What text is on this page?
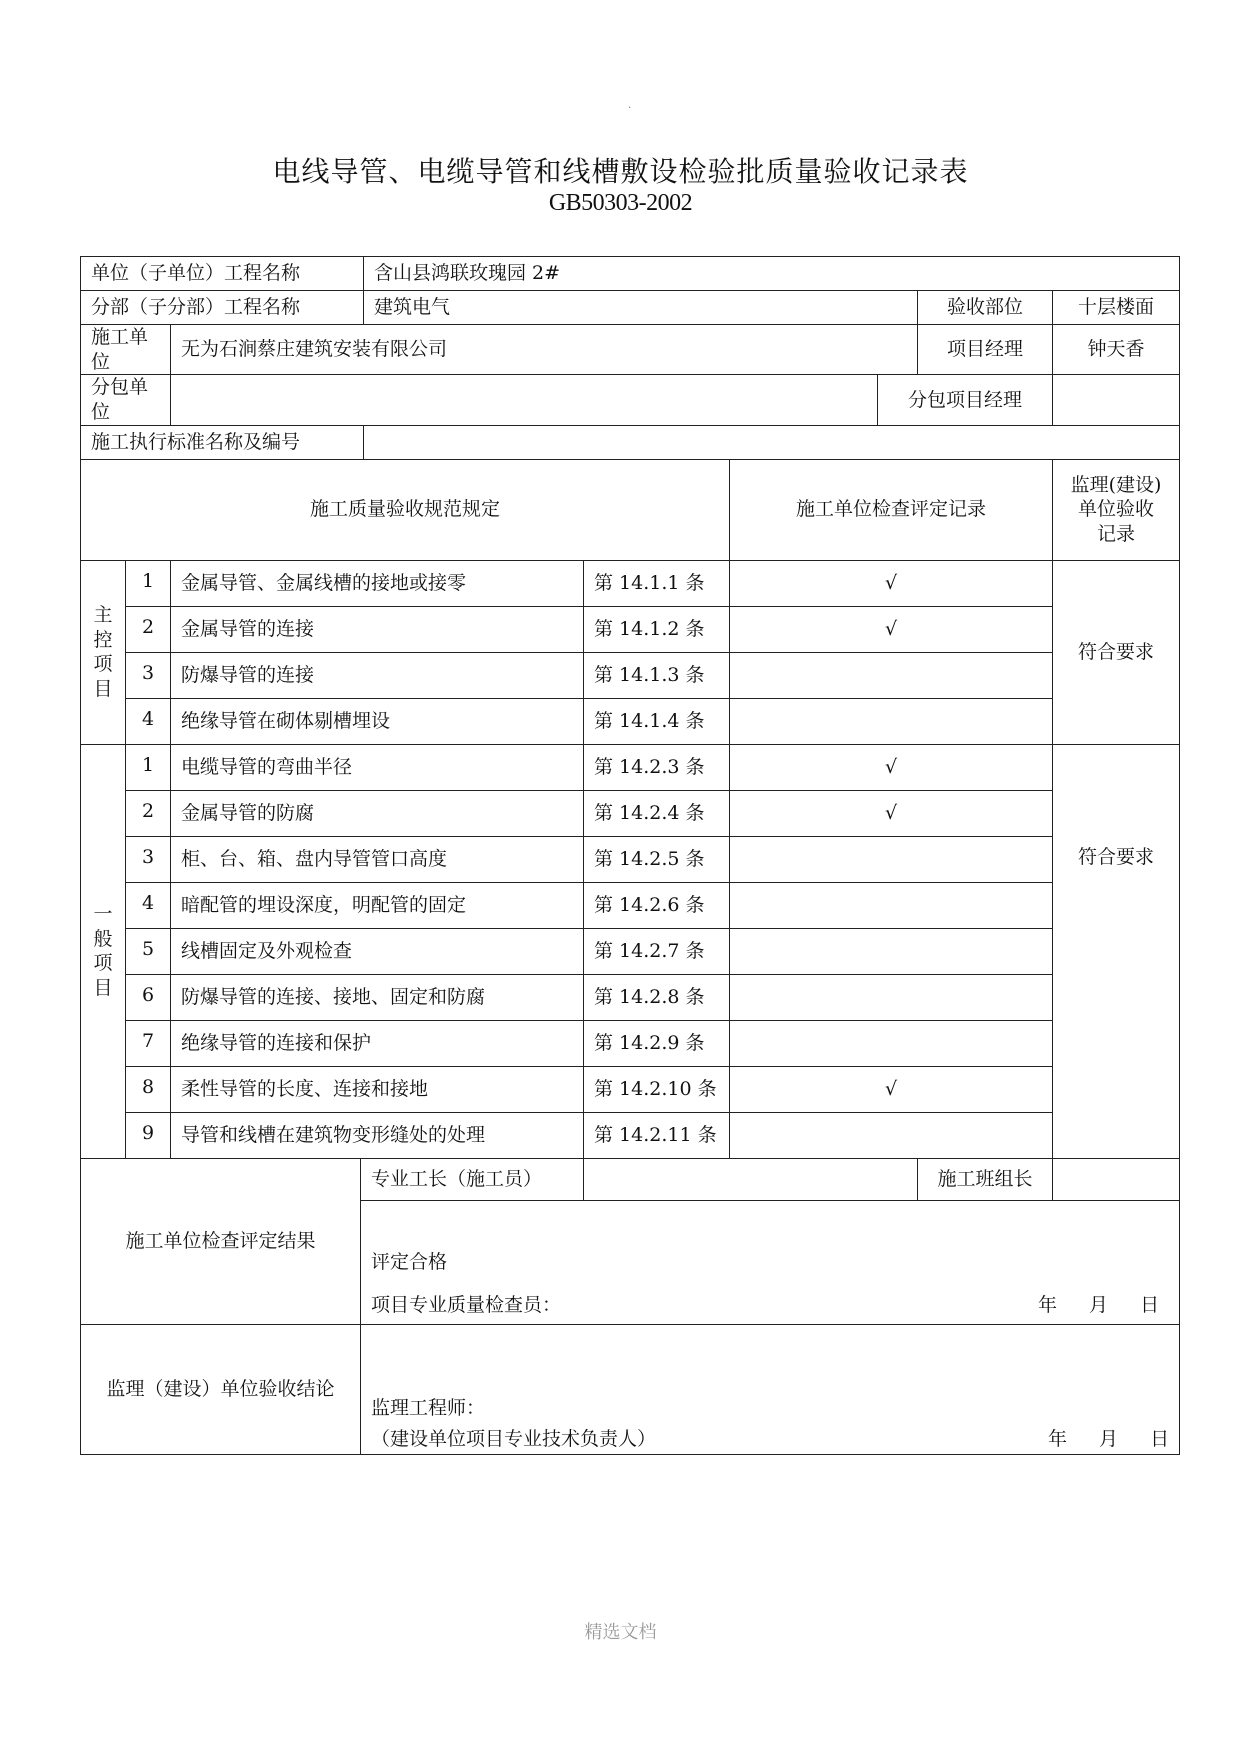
.
电线导管、电缆导管和线槽敷设检验批质量验收记录表
GB50303-2002
单位（子单位）工程名称				含山县鸿联玫瑰园 2#					
分部（子分部）工程名称				建筑电气				验收部位	十层楼面
施工单位		无为石涧蔡庄建筑安装有限公司						项目经理	钟天香
分包单位							分包项目经理		
施工执行标准名称及编号									
施工质量验收规范规定						施工单位检查评定记录			监理(建设)
单位验收
记录

主
控
项
目	1	金属导管、金属线槽的接地或接零			第 14.1.1 条	√			符合要求
	2	金属导管的连接			第 14.1.2 条	√			
	3	防爆导管的连接			第 14.1.3 条				
	4	绝缘导管在砌体剔槽埋设			第 14.1.4 条				

一
般
项
目	1	电缆导管的弯曲半径			第 14.2.3 条	√			符合要求
	2	金属导管的防腐			第 14.2.4 条	√			
	3	柜、台、箱、盘内导管管口高度			第 14.2.5 条				
	4	暗配管的埋设深度，明配管的固定			第 14.2.6 条				
	5	线槽固定及外观检查			第 14.2.7 条				
	6	防爆导管的连接、接地、固定和防腐			第 14.2.8 条				
	7	绝缘导管的连接和保护			第 14.2.9 条				
	8	柔性导管的长度、连接和接地			第 14.2.10 条	√			
	9	导管和线槽在建筑物变形缝处的处理			第 14.2.11 条				
施工单位检查评定结果			专业工长（施工员）					施工班组长	

			评定合格
项目专业质量检查员： 年 月 日						

监理（建设）单位验收结论			监理工程师：
（建设单位项目专业技术负责人） 年 月 日						
精选文档
